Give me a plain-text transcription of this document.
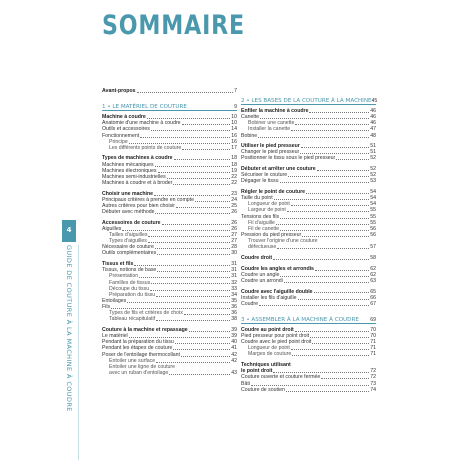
SOMMAIRE
4
GUIDE DE COUTURE À LA MACHINE À COUDRE
Avant-propos	7
1 • LE MATÉRIEL DE COUTURE	9
Machine à coudre	10
Anatomie d'une machine à coudre	10
Outils et accessoires	14
Fonctionnement	16
Principe	16
Les différents points de couture	17
Types de machines à coudre	18
Machines mécaniques	18
Machines électroniques	19
Machines semi-industrielles	22
Machines à coudre et à broder	22
Choisir une machine	23
Principaux critères à prendre en compte	24
Autres critères pour bien choisir	25
Débuter avec méthode	26
Accessoires de couture	26
Aiguilles	26
Tailles d'aiguilles	27
Types d'aiguilles	27
Nécessaire de couture	28
Outils complémentaires	30
Tissus et fils	31
Tissus, notions de base	31
Présentation	31
Familles de tissus	32
Découpe du tissu	33
Préparation du tissu	34
Entoilages	35
Fils	36
Types de fils et critères de choix	36
Tableau récapitulatif	38
Couture à la machine et repassage	39
Le matériel	39
Pendant la préparation du tissu	40
Pendant les étapes de couture	41
Poser de l'entoilage thermocollant	42
Entoiler une surface	42
Entoiler une ligne de couture
avec un ruban d'entoilage	43
2 • LES BASES DE LA COUTURE À LA MACHINE 45
Enfiler la machine à coudre	46
Canette	46
Bobiner une canette	46
Installer la canette	47
Bobine	48
Utiliser le pied presseur	51
Changer le pied presseur	51
Positionner le tissu sous le pied presseur	52
Débuter et arrêter une couture	52
Sécuriser le couture	52
Dégager le tissu	53
Régler le point de couture	54
Taille du point	54
Longueur de point	54
Largeur de point	55
Tensions des fils	55
Fil d'aiguille	55
Fil de canette	56
Pression du pied presseur	56
Trouver l'origine d'une couture
défectueuse	57
Coudre droit	58
Coudre les angles et arrondis	62
Coudre un angle	62
Coudre un arrondi	63
Coudre avec l'aiguille double	65
Installer les fils d'aiguille	66
Coudre	67
3 • ASSEMBLER À LA MACHINE À COUDRE	69
Coudre au point droit	70
Pied presseur pour point droit	70
Coudre avec le pied point droit	71
Longueur de point	71
Marges de couture	71
Techniques utilisant
le point droit	72
Couture ouverte et couture fermée	72
Bâti	73
Couture de soutien	74
